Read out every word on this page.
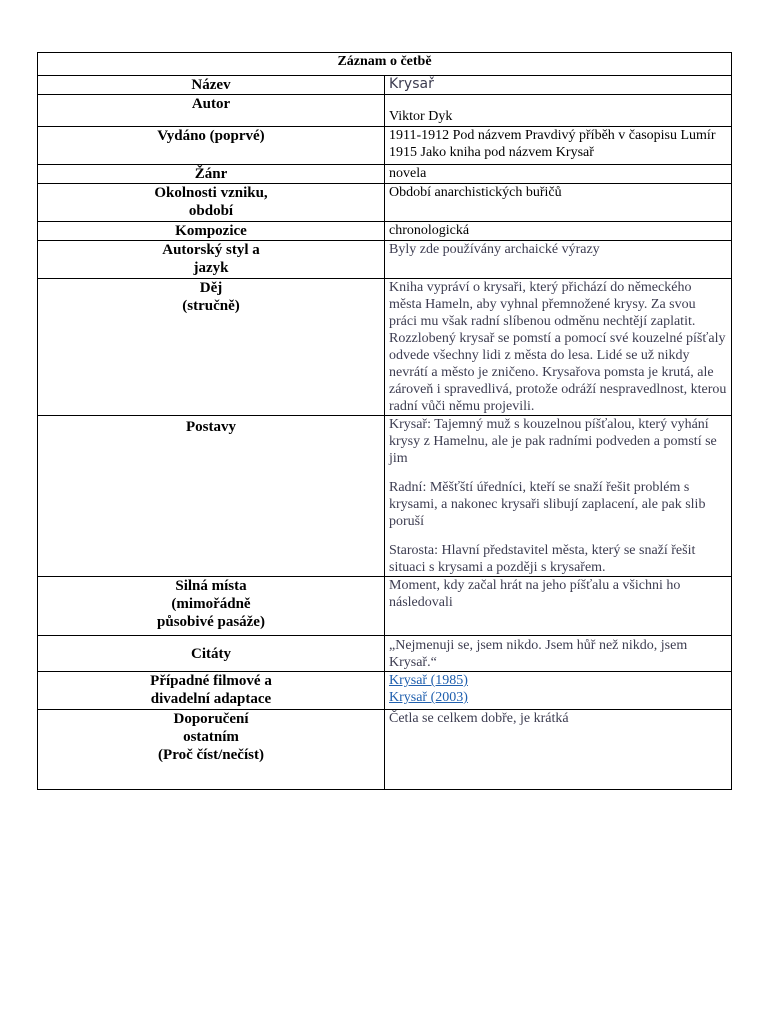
Záznam o četbě	
Název	Krysař
Autor	Viktor Dyk
Vydáno (poprvé)	1911-1912 Pod názvem Pravdivý příběh v časopisu Lumír
1915 Jako kniha pod názvem Krysař

Žánr	novela

Okolnosti vzniku,
období	Období anarchistických buřičů
Kompozice	chronologická

Autorský styl a
jazyk	Byly zde používány archaické výrazy

Děj
(stručně)	Kniha vypráví o krysaři, který přichází do německého města Hameln, aby vyhnal přemnožené krysy. Za svou práci mu však radní slíbenou odměnu nechtějí zaplatit. Rozzlobený krysař se pomstí a pomocí své kouzelné píšťaly odvede všechny lidi z města do lesa. Lidé se už nikdy nevrátí a město je zničeno. Krysařova pomsta je krutá, ale zároveň i spravedlivá, protože odráží nespravedlnost, kterou radní vůči němu projevili.
Postavy	Krysař: Tajemný muž s kouzelnou píšťalou, který vyhání krysy z Hamelnu, ale je pak radními podveden a pomstí se jim

Radní: Měšťští úředníci, kteří se snaží řešit problém s krysami, a nakonec krysaři slibují zaplacení, ale pak slib poruší

Starosta: Hlavní představitel města, který se snaží řešit situaci s krysami a později s krysařem.

Silná místa
(mimořádně
působivé pasáže)	Moment, kdy začal hrát na jeho píšťalu a všichni ho následovali
Citáty	„Nejmenuji se, jsem nikdo. Jsem hůř než nikdo, jsem Krysař.“

Případné filmové a
divadelní adaptace	Krysař (1985)
Krysař (2003)

Doporučení
ostatním
(Proč číst/nečíst)	Četla se celkem dobře, je krátká
